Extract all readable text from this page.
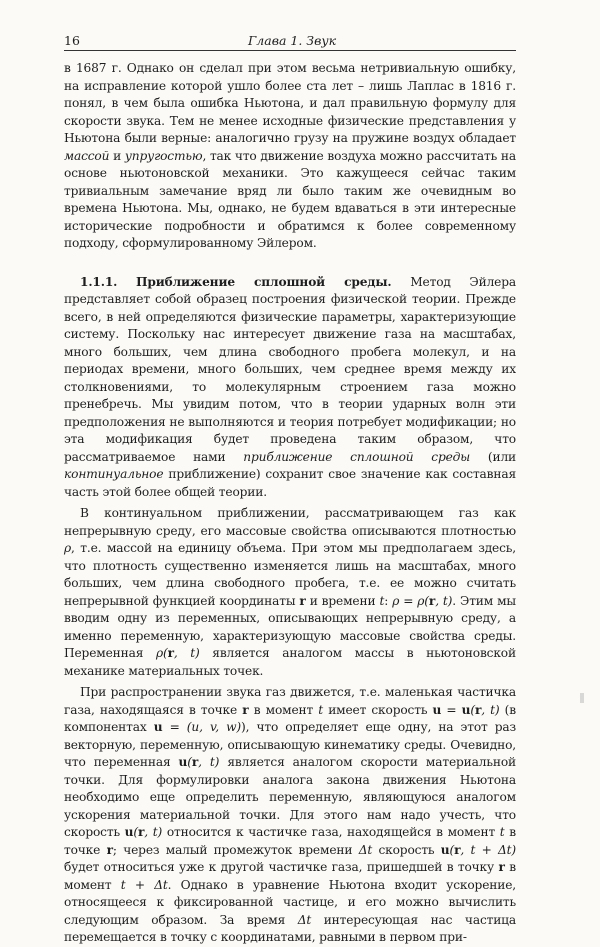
16	Глава 1. Звук

в 1687 г. Однако он сделал при этом весьма нетривиальную ошибку, на исправление которой ушло более ста лет – лишь Лаплас в 1816 г. понял, в чем была ошибка Ньютона, и дал правильную формулу для скорости звука. Тем не менее исходные физические представления у Ньютона были верные: аналогично грузу на пружине воздух обладает массой и упругостью, так что движение воздуха можно рассчитать на основе ньютоновской механики. Это кажущееся сейчас таким тривиальным замечание вряд ли было таким же очевидным во времена Ньютона. Мы, однако, не будем вдаваться в эти интересные исторические подробности и обратимся к более современному подходу, сформулированному Эйлером.

1.1.1. Приближение сплошной среды. Метод Эйлера представляет собой образец построения физической теории. Прежде всего, в ней определяются физические параметры, характеризующие систему. Поскольку нас интересует движение газа на масштабах, много больших, чем длина свободного пробега молекул, и на периодах времени, много больших, чем среднее время между их столкновениями, то молекулярным строением газа можно пренебречь. Мы увидим потом, что в теории ударных волн эти предположения не выполняются и теория потребует модификации; но эта модификация будет проведена таким образом, что рассматриваемое нами приближение сплошной среды (или континуальное приближение) сохранит свое значение как составная часть этой более общей теории.

В континуальном приближении, рассматривающем газ как непрерывную среду, его массовые свойства описываются плотностью ρ, т.е. массой на единицу объема. При этом мы предполагаем здесь, что плотность существенно изменяется лишь на масштабах, много больших, чем длина свободного пробега, т.е. ее можно считать непрерывной функцией координаты r и времени t: ρ = ρ(r, t). Этим мы вводим одну из переменных, описывающих непрерывную среду, а именно переменную, характеризующую массовые свойства среды. Переменная ρ(r, t) является аналогом массы в ньютоновской механике материальных точек.

При распространении звука газ движется, т.е. маленькая частичка газа, находящаяся в точке r в момент t имеет скорость u = u(r, t) (в компонентах u = (u, v, w)), что определяет еще одну, на этот раз векторную, переменную, описывающую кинематику среды. Очевидно, что переменная u(r, t) является аналогом скорости материальной точки. Для формулировки аналога закона движения Ньютона необходимо еще определить переменную, являющуюся аналогом ускорения материальной точки. Для этого нам надо учесть, что скорость u(r, t) относится к частичке газа, находящейся в момент t в точке r; через малый промежуток времени Δt скорость u(r, t + Δt) будет относиться уже к другой частичке газа, пришедшей в точку r в момент t + Δt. Однако в уравнение Ньютона входит ускорение, относящееся к фиксированной частице, и его можно вычислить следующим образом. За время Δt интересующая нас частица перемещается в точку с координатами, равными в первом при-
